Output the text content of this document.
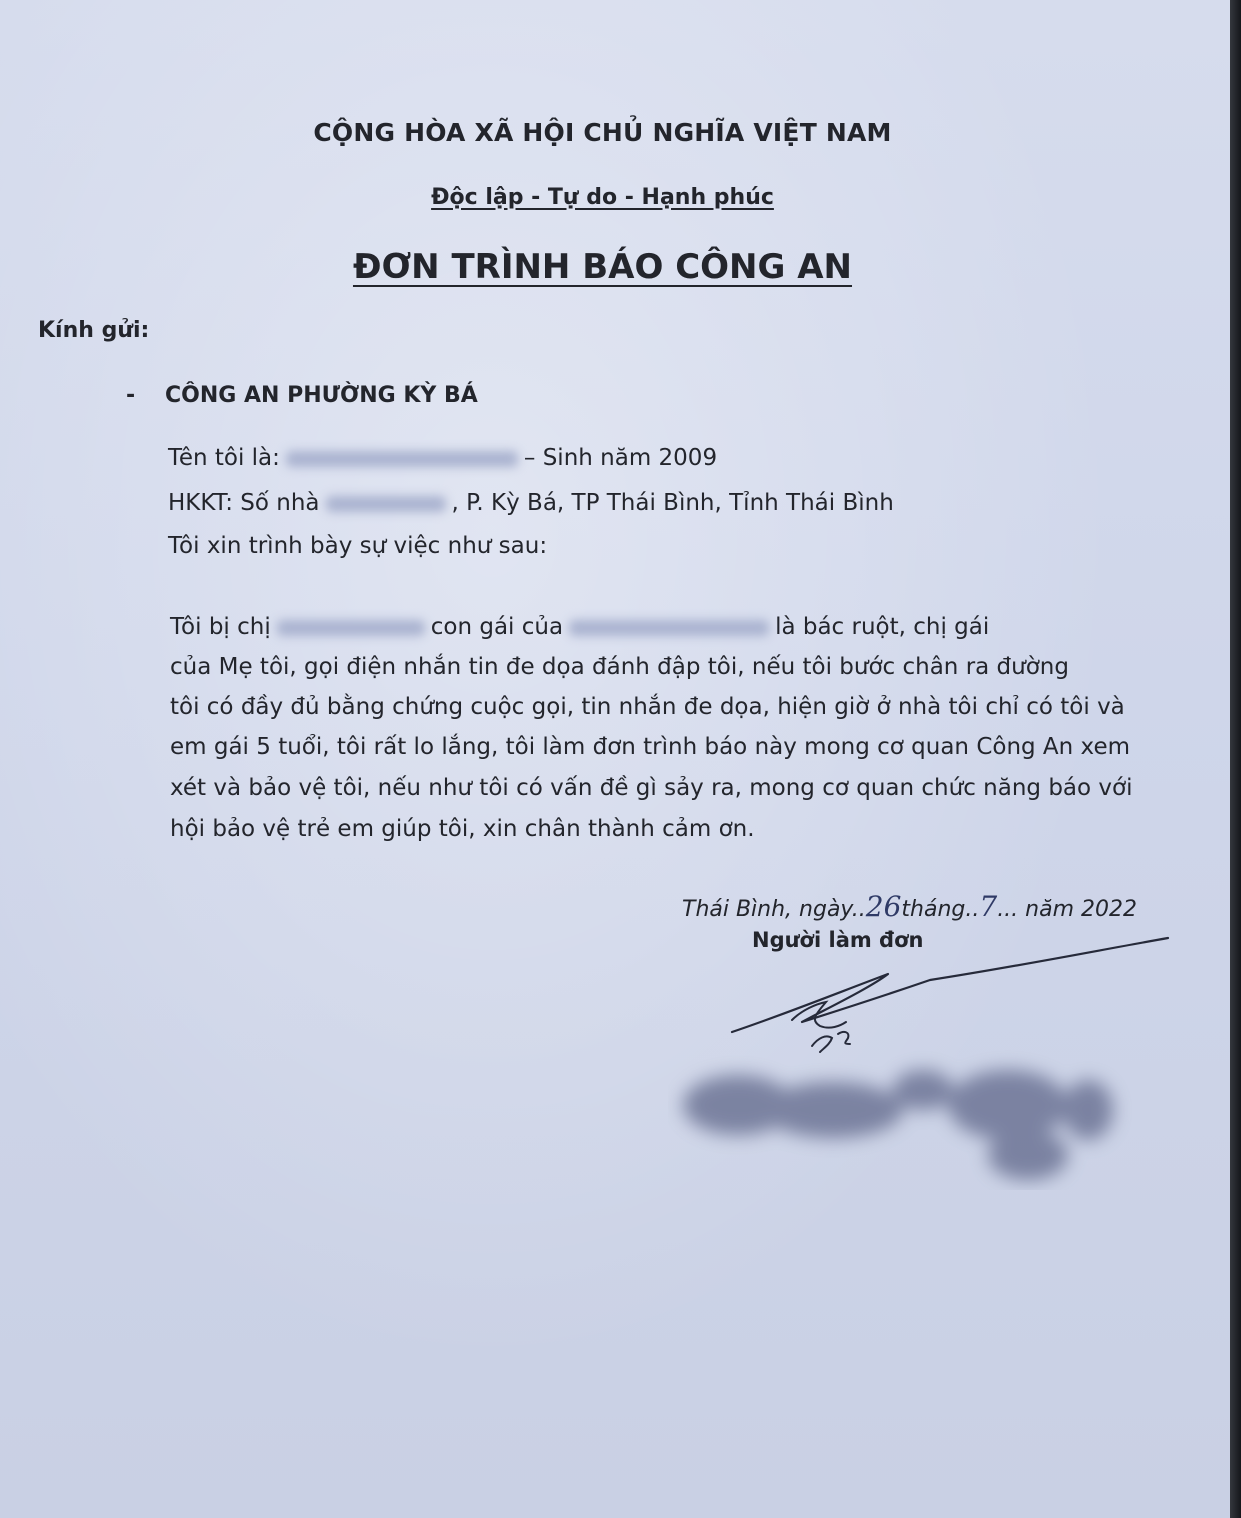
CỘNG HÒA XÃ HỘI CHỦ NGHĨA VIỆT NAM
Độc lập - Tự do - Hạnh phúc
ĐƠN TRÌNH BÁO CÔNG AN
Kính gửi:
- CÔNG AN PHƯỜNG KỲ BÁ
Tên tôi là:	– Sinh năm 2009
HKKT: Số nhà	, P. Kỳ Bá, TP Thái Bình, Tỉnh Thái Bình
Tôi xin trình bày sự việc như sau:
Tôi bị chị	con gái của	là bác ruột, chị gái
của Mẹ tôi, gọi điện nhắn tin đe dọa đánh đập tôi, nếu tôi bước chân ra đường
tôi có đầy đủ bằng chứng cuộc gọi, tin nhắn đe dọa, hiện giờ ở nhà tôi chỉ có tôi và
em gái 5 tuổi, tôi rất lo lắng, tôi làm đơn trình báo này mong cơ quan Công An xem
xét và bảo vệ tôi, nếu như tôi có vấn đề gì sảy ra, mong cơ quan chức năng báo với
hội bảo vệ trẻ em giúp tôi, xin chân thành cảm ơn.
Thái Bình, ngày..26tháng..7... năm 2022
Người làm đơn
